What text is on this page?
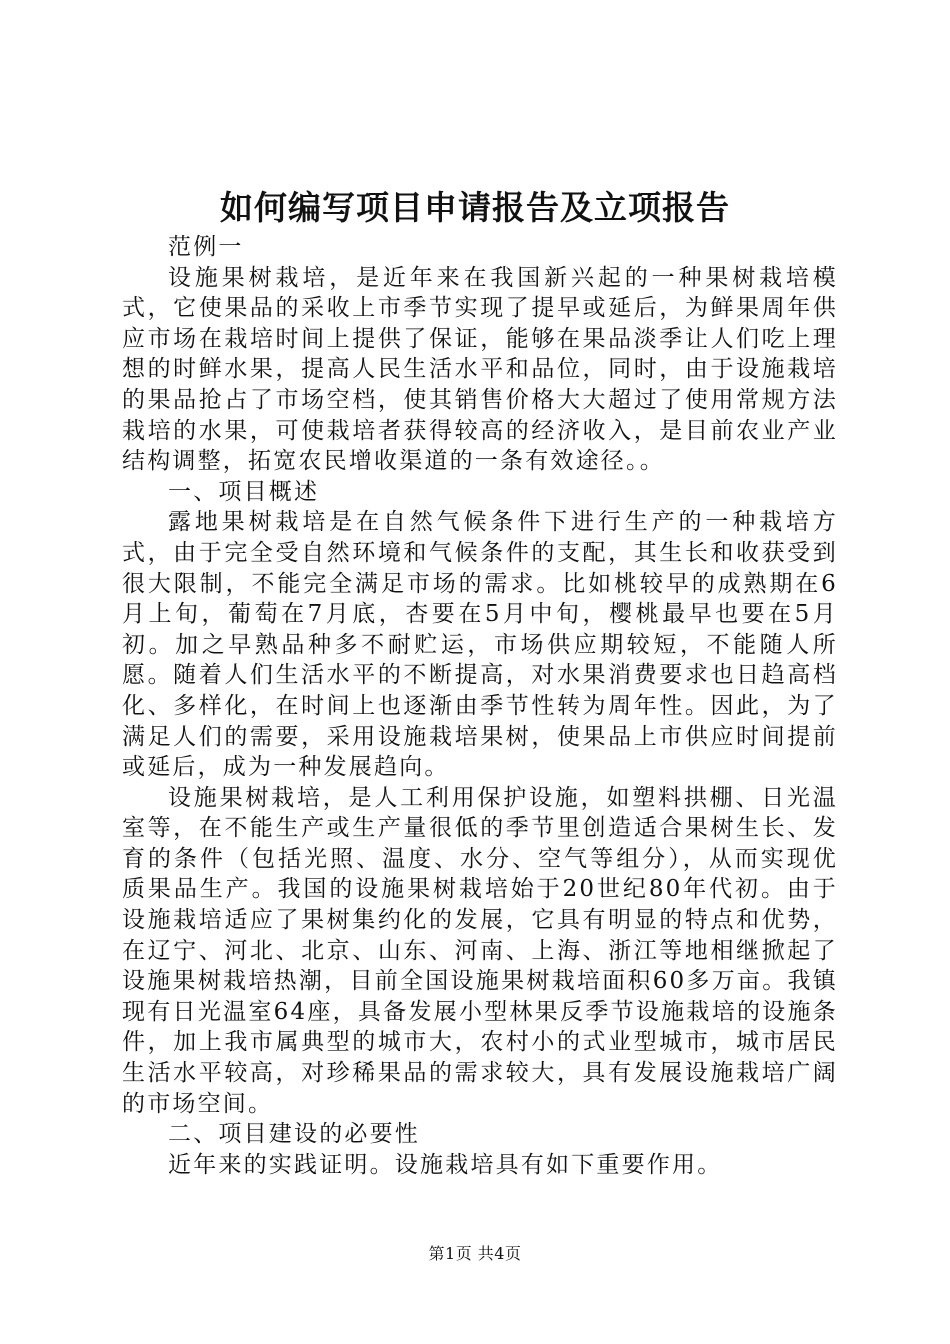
如何编写项目申请报告及立项报告

范例一

设施果树栽培，是近年来在我国新兴起的一种果树栽培模式，它使果品的采收上市季节实现了提早或延后，为鲜果周年供应市场在栽培时间上提供了保证，能够在果品淡季让人们吃上理想的时鲜水果，提高人民生活水平和品位，同时，由于设施栽培的果品抢占了市场空档，使其销售价格大大超过了使用常规方法栽培的水果，可使栽培者获得较高的经济收入，是目前农业产业结构调整，拓宽农民增收渠道的一条有效途径。。

一、项目概述

露地果树栽培是在自然气候条件下进行生产的一种栽培方式，由于完全受自然环境和气候条件的支配，其生长和收获受到很大限制，不能完全满足市场的需求。比如桃较早的成熟期在6月上旬，葡萄在7月底，杏要在5月中旬，樱桃最早也要在5月初。加之早熟品种多不耐贮运，市场供应期较短，不能随人所愿。随着人们生活水平的不断提高，对水果消费要求也日趋高档化、多样化，在时间上也逐渐由季节性转为周年性。因此，为了满足人们的需要，采用设施栽培果树，使果品上市供应时间提前或延后，成为一种发展趋向。

设施果树栽培，是人工利用保护设施，如塑料拱棚、日光温室等，在不能生产或生产量很低的季节里创造适合果树生长、发育的条件（包括光照、温度、水分、空气等组分），从而实现优质果品生产。我国的设施果树栽培始于20世纪80年代初。由于设施栽培适应了果树集约化的发展，它具有明显的特点和优势，在辽宁、河北、北京、山东、河南、上海、浙江等地相继掀起了设施果树栽培热潮，目前全国设施果树栽培面积60多万亩。我镇现有日光温室64座，具备发展小型林果反季节设施栽培的设施条件，加上我市属典型的城市大，农村小的式业型城市，城市居民生活水平较高，对珍稀果品的需求较大，具有发展设施栽培广阔的市场空间。

二、项目建设的必要性

近年来的实践证明。设施栽培具有如下重要作用。

第1页 共4页
